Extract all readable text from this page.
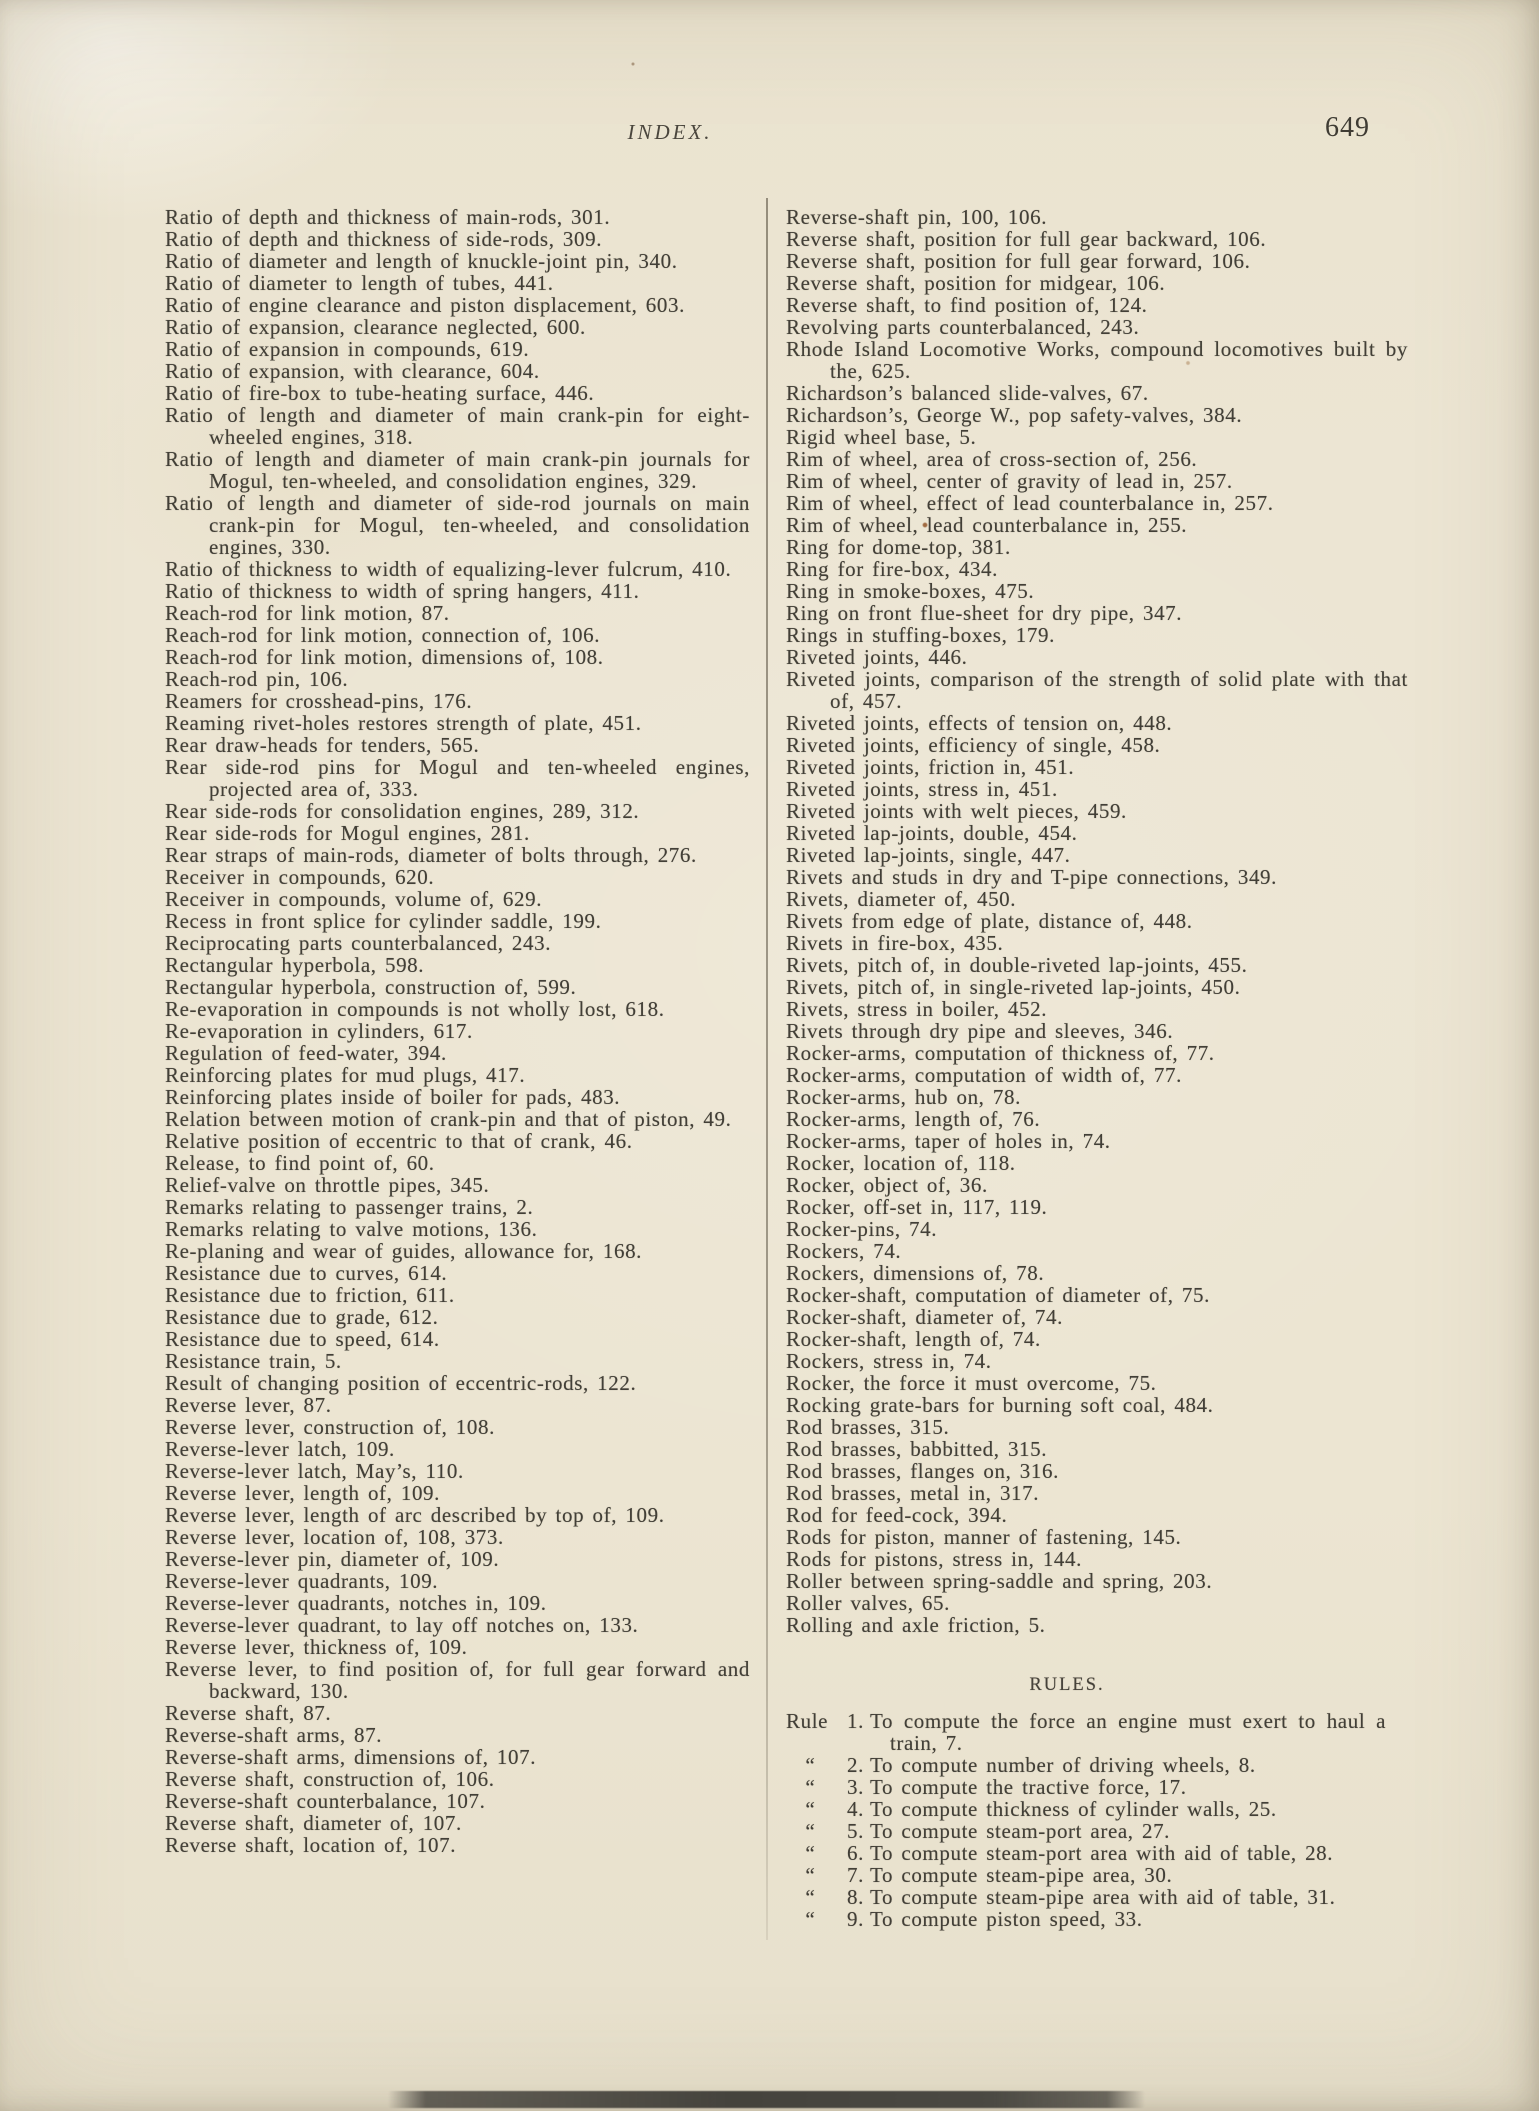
INDEX.	649

Ratio of depth and thickness of main-rods, 301.

Ratio of depth and thickness of side-rods, 309.

Ratio of diameter and length of knuckle-joint pin, 340.

Ratio of diameter to length of tubes, 441.

Ratio of engine clearance and piston displacement, 603.

Ratio of expansion, clearance neglected, 600.

Ratio of expansion in compounds, 619.

Ratio of expansion, with clearance, 604.

Ratio of fire-box to tube-heating surface, 446.

Ratio of length and diameter of main crank-pin for eight-wheeled engines, 318.

Ratio of length and diameter of main crank-pin journals for Mogul, ten-wheeled, and consolidation engines, 329.

Ratio of length and diameter of side-rod journals on main crank-pin for Mogul, ten-wheeled, and consolidation engines, 330.

Ratio of thickness to width of equalizing-lever fulcrum, 410.

Ratio of thickness to width of spring hangers, 411.

Reach-rod for link motion, 87.

Reach-rod for link motion, connection of, 106.

Reach-rod for link motion, dimensions of, 108.

Reach-rod pin, 106.

Reamers for crosshead-pins, 176.

Reaming rivet-holes restores strength of plate, 451.

Rear draw-heads for tenders, 565.

Rear side-rod pins for Mogul and ten-wheeled engines, projected area of, 333.

Rear side-rods for consolidation engines, 289, 312.

Rear side-rods for Mogul engines, 281.

Rear straps of main-rods, diameter of bolts through, 276.

Receiver in compounds, 620.

Receiver in compounds, volume of, 629.

Recess in front splice for cylinder saddle, 199.

Reciprocating parts counterbalanced, 243.

Rectangular hyperbola, 598.

Rectangular hyperbola, construction of, 599.

Re-evaporation in compounds is not wholly lost, 618.

Re-evaporation in cylinders, 617.

Regulation of feed-water, 394.

Reinforcing plates for mud plugs, 417.

Reinforcing plates inside of boiler for pads, 483.

Relation between motion of crank-pin and that of piston, 49.

Relative position of eccentric to that of crank, 46.

Release, to find point of, 60.

Relief-valve on throttle pipes, 345.

Remarks relating to passenger trains, 2.

Remarks relating to valve motions, 136.

Re-planing and wear of guides, allowance for, 168.

Resistance due to curves, 614.

Resistance due to friction, 611.

Resistance due to grade, 612.

Resistance due to speed, 614.

Resistance train, 5.

Result of changing position of eccentric-rods, 122.

Reverse lever, 87.

Reverse lever, construction of, 108.

Reverse-lever latch, 109.

Reverse-lever latch, May’s, 110.

Reverse lever, length of, 109.

Reverse lever, length of arc described by top of, 109.

Reverse lever, location of, 108, 373.

Reverse-lever pin, diameter of, 109.

Reverse-lever quadrants, 109.

Reverse-lever quadrants, notches in, 109.

Reverse-lever quadrant, to lay off notches on, 133.

Reverse lever, thickness of, 109.

Reverse lever, to find position of, for full gear forward and backward, 130.

Reverse shaft, 87.

Reverse-shaft arms, 87.

Reverse-shaft arms, dimensions of, 107.

Reverse shaft, construction of, 106.

Reverse-shaft counterbalance, 107.

Reverse shaft, diameter of, 107.

Reverse shaft, location of, 107.

Reverse-shaft pin, 100, 106.

Reverse shaft, position for full gear backward, 106.

Reverse shaft, position for full gear forward, 106.

Reverse shaft, position for midgear, 106.

Reverse shaft, to find position of, 124.

Revolving parts counterbalanced, 243.

Rhode Island Locomotive Works, compound locomotives built by the, 625.

Richardson’s balanced slide-valves, 67.

Richardson’s, George W., pop safety-valves, 384.

Rigid wheel base, 5.

Rim of wheel, area of cross-section of, 256.

Rim of wheel, center of gravity of lead in, 257.

Rim of wheel, effect of lead counterbalance in, 257.

Rim of wheel, lead counterbalance in, 255.

Ring for dome-top, 381.

Ring for fire-box, 434.

Ring in smoke-boxes, 475.

Ring on front flue-sheet for dry pipe, 347.

Rings in stuffing-boxes, 179.

Riveted joints, 446.

Riveted joints, comparison of the strength of solid plate with that of, 457.

Riveted joints, effects of tension on, 448.

Riveted joints, efficiency of single, 458.

Riveted joints, friction in, 451.

Riveted joints, stress in, 451.

Riveted joints with welt pieces, 459.

Riveted lap-joints, double, 454.

Riveted lap-joints, single, 447.

Rivets and studs in dry and T-pipe connections, 349.

Rivets, diameter of, 450.

Rivets from edge of plate, distance of, 448.

Rivets in fire-box, 435.

Rivets, pitch of, in double-riveted lap-joints, 455.

Rivets, pitch of, in single-riveted lap-joints, 450.

Rivets, stress in boiler, 452.

Rivets through dry pipe and sleeves, 346.

Rocker-arms, computation of thickness of, 77.

Rocker-arms, computation of width of, 77.

Rocker-arms, hub on, 78.

Rocker-arms, length of, 76.

Rocker-arms, taper of holes in, 74.

Rocker, location of, 118.

Rocker, object of, 36.

Rocker, off-set in, 117, 119.

Rocker-pins, 74.

Rockers, 74.

Rockers, dimensions of, 78.

Rocker-shaft, computation of diameter of, 75.

Rocker-shaft, diameter of, 74.

Rocker-shaft, length of, 74.

Rockers, stress in, 74.

Rocker, the force it must overcome, 75.

Rocking grate-bars for burning soft coal, 484.

Rod brasses, 315.

Rod brasses, babbitted, 315.

Rod brasses, flanges on, 316.

Rod brasses, metal in, 317.

Rod for feed-cock, 394.

Rods for piston, manner of fastening, 145.

Rods for pistons, stress in, 144.

Roller between spring-saddle and spring, 203.

Roller valves, 65.

Rolling and axle friction, 5.

RULES.
Rule 1. To compute the force an engine must exert to haul a train, 7.
“	2. To compute number of driving wheels, 8.
“	3. To compute the tractive force, 17.
“	4. To compute thickness of cylinder walls, 25.
“	5. To compute steam-port area, 27.
“	6. To compute steam-port area with aid of table, 28.
“	7. To compute steam-pipe area, 30.
“	8. To compute steam-pipe area with aid of table, 31.
“	9. To compute piston speed, 33.
